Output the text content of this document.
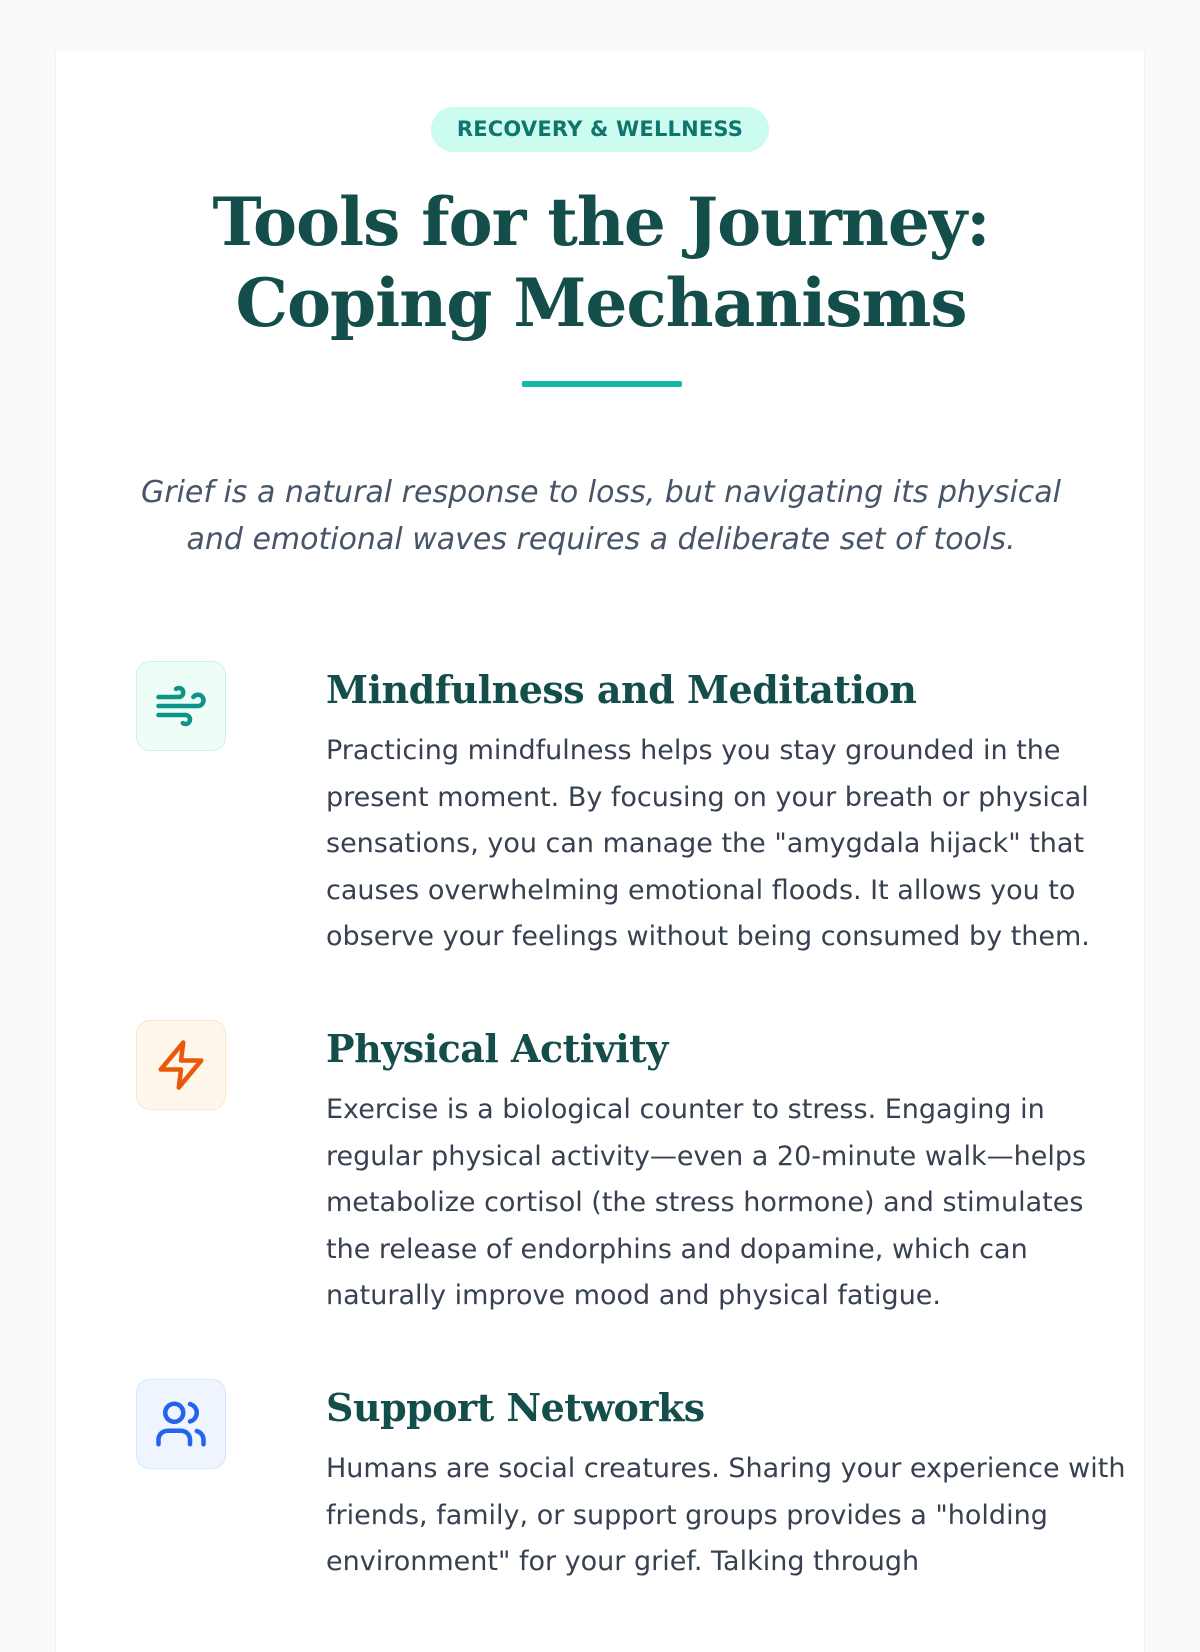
RECOVERY & WELLNESS
Tools for the Journey:
Coping Mechanisms

Grief is a natural response to loss, but navigating its physical and emotional waves requires a deliberate set of tools.

Mindfulness and Meditation

Practicing mindfulness helps you stay grounded in the present moment. By focusing on your breath or physical sensations, you can manage the "amygdala hijack" that causes overwhelming emotional floods. It allows you to observe your feelings without being consumed by them.

Physical Activity

Exercise is a biological counter to stress. Engaging in regular physical activity—even a 20-minute walk—helps metabolize cortisol (the stress hormone) and stimulates the release of endorphins and dopamine, which can naturally improve mood and physical fatigue.

Support Networks

Humans are social creatures. Sharing your experience with friends, family, or support groups provides a "holding environment" for your grief. Talking through
